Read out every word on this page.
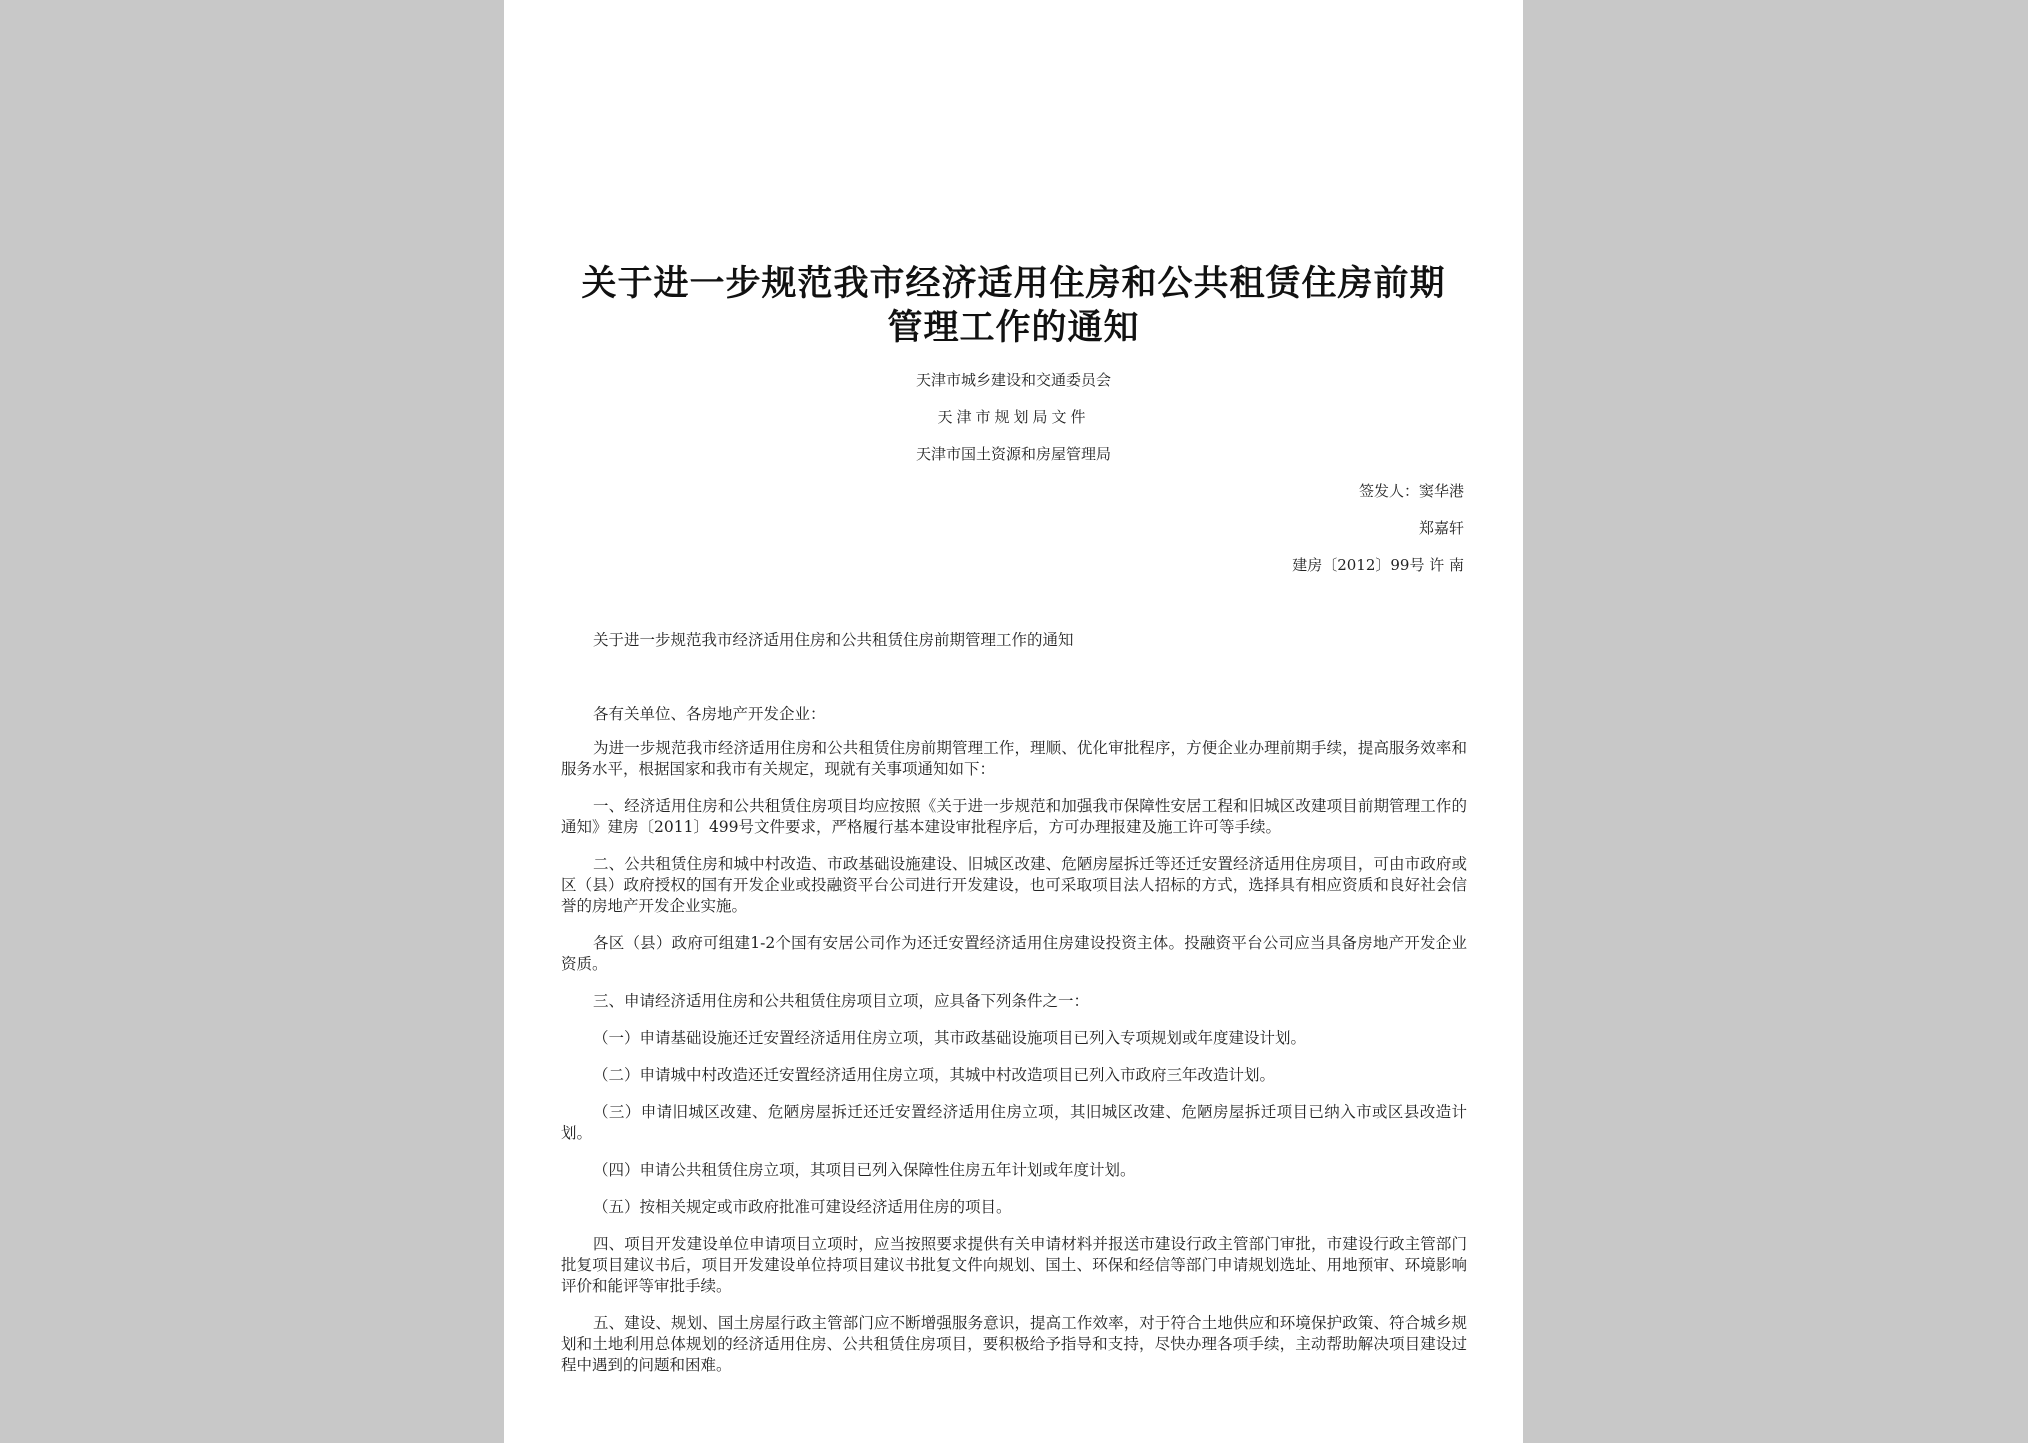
关于进一步规范我市经济适用住房和公共租赁住房前期
管理工作的通知
天津市城乡建设和交通委员会
天津市规划局文件
天津市国土资源和房屋管理局
签发人：窦华港
郑嘉轩
建房〔2012〕99号 许 南
关于进一步规范我市经济适用住房和公共租赁住房前期管理工作的通知
各有关单位、各房地产开发企业：

为进一步规范我市经济适用住房和公共租赁住房前期管理工作，理顺、优化审批程序，方便企业办理前期手续，提高服务效率和服务水平，根据国家和我市有关规定，现就有关事项通知如下：

一、经济适用住房和公共租赁住房项目均应按照《关于进一步规范和加强我市保障性安居工程和旧城区改建项目前期管理工作的通知》建房〔2011〕499号文件要求，严格履行基本建设审批程序后，方可办理报建及施工许可等手续。

二、公共租赁住房和城中村改造、市政基础设施建设、旧城区改建、危陋房屋拆迁等还迁安置经济适用住房项目，可由市政府或区（县）政府授权的国有开发企业或投融资平台公司进行开发建设，也可采取项目法人招标的方式，选择具有相应资质和良好社会信誉的房地产开发企业实施。

各区（县）政府可组建1-2个国有安居公司作为还迁安置经济适用住房建设投资主体。投融资平台公司应当具备房地产开发企业资质。

三、申请经济适用住房和公共租赁住房项目立项，应具备下列条件之一：

（一）申请基础设施还迁安置经济适用住房立项，其市政基础设施项目已列入专项规划或年度建设计划。

（二）申请城中村改造还迁安置经济适用住房立项，其城中村改造项目已列入市政府三年改造计划。

（三）申请旧城区改建、危陋房屋拆迁还迁安置经济适用住房立项，其旧城区改建、危陋房屋拆迁项目已纳入市或区县改造计划。

（四）申请公共租赁住房立项，其项目已列入保障性住房五年计划或年度计划。

（五）按相关规定或市政府批准可建设经济适用住房的项目。

四、项目开发建设单位申请项目立项时，应当按照要求提供有关申请材料并报送市建设行政主管部门审批，市建设行政主管部门批复项目建议书后，项目开发建设单位持项目建议书批复文件向规划、国土、环保和经信等部门申请规划选址、用地预审、环境影响评价和能评等审批手续。

五、建设、规划、国土房屋行政主管部门应不断增强服务意识，提高工作效率，对于符合土地供应和环境保护政策、符合城乡规划和土地利用总体规划的经济适用住房、公共租赁住房项目，要积极给予指导和支持，尽快办理各项手续，主动帮助解决项目建设过程中遇到的问题和困难。
